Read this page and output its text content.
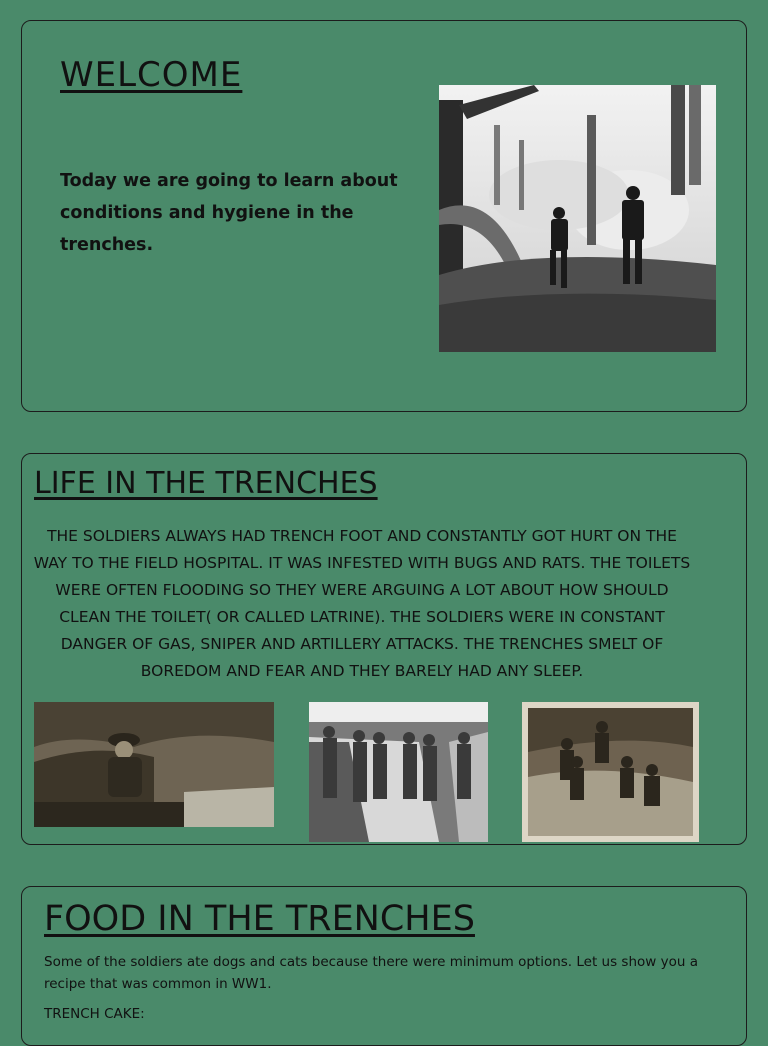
WELCOME

Today we are going to learn about conditions and hygiene in the trenches.

LIFE IN THE TRENCHES

THE SOLDIERS ALWAYS HAD TRENCH FOOT AND CONSTANTLY GOT HURT ON THE WAY TO THE FIELD HOSPITAL. IT WAS INFESTED WITH BUGS AND RATS. THE TOILETS WERE OFTEN FLOODING SO THEY WERE ARGUING A LOT ABOUT HOW SHOULD CLEAN THE TOILET( OR CALLED LATRINE). THE SOLDIERS WERE IN CONSTANT DANGER OF GAS, SNIPER AND ARTILLERY ATTACKS. THE TRENCHES SMELT OF BOREDOM AND FEAR AND THEY BARELY HAD ANY SLEEP.

FOOD IN THE TRENCHES

Some of the soldiers ate dogs and cats because there were minimum options. Let us show you a recipe that was common in WW1.

TRENCH CAKE:
